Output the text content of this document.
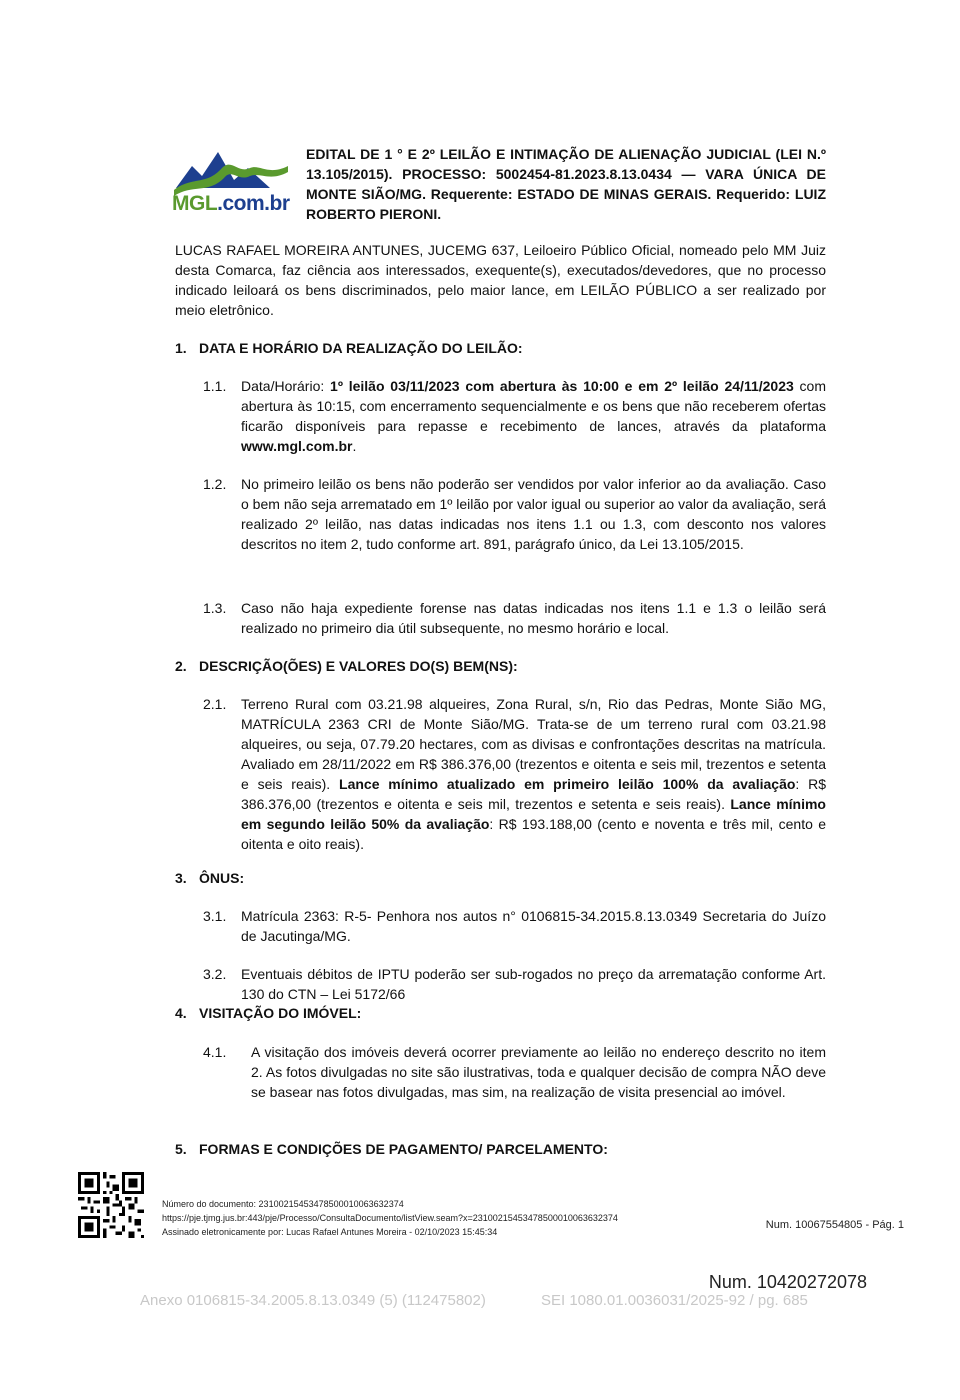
MGL.com.br
EDITAL DE 1 ° E 2º LEILÃO E INTIMAÇÃO DE ALIENAÇÃO JUDICIAL (LEI N.º 13.105/2015). PROCESSO: 5002454-81.2023.8.13.0434 — VARA ÚNICA DE MONTE SIÃO/MG. Requerente: ESTADO DE MINAS GERAIS. Requerido: LUIZ ROBERTO PIERONI.
LUCAS RAFAEL MOREIRA ANTUNES, JUCEMG 637, Leiloeiro Público Oficial, nomeado pelo MM Juiz desta Comarca, faz ciência aos interessados, exequente(s), executados/devedores, que no processo indicado leiloará os bens discriminados, pelo maior lance, em LEILÃO PÚBLICO a ser realizado por meio eletrônico.
1. DATA E HORÁRIO DA REALIZAÇÃO DO LEILÃO:
1.1. Data/Horário: 1º leilão 03/11/2023 com abertura às 10:00 e em 2º leilão 24/11/2023 com abertura às 10:15, com encerramento sequencialmente e os bens que não receberem ofertas ficarão disponíveis para repasse e recebimento de lances, através da plataforma www.mgl.com.br.
1.2. No primeiro leilão os bens não poderão ser vendidos por valor inferior ao da avaliação. Caso o bem não seja arrematado em 1º leilão por valor igual ou superior ao valor da avaliação, será realizado 2º leilão, nas datas indicadas nos itens 1.1 ou 1.3, com desconto nos valores descritos no item 2, tudo conforme art. 891, parágrafo único, da Lei 13.105/2015.
1.3. Caso não haja expediente forense nas datas indicadas nos itens 1.1 e 1.3 o leilão será realizado no primeiro dia útil subsequente, no mesmo horário e local.
2. DESCRIÇÃO(ÕES) E VALORES DO(S) BEM(NS):
2.1. Terreno Rural com 03.21.98 alqueires, Zona Rural, s/n, Rio das Pedras, Monte Sião MG, MATRÍCULA 2363 CRI de Monte Sião/MG. Trata-se de um terreno rural com 03.21.98 alqueires, ou seja, 07.79.20 hectares, com as divisas e confrontações descritas na matrícula. Avaliado em 28/11/2022 em R$ 386.376,00 (trezentos e oitenta e seis mil, trezentos e setenta e seis reais). Lance mínimo atualizado em primeiro leilão 100% da avaliação: R$ 386.376,00 (trezentos e oitenta e seis mil, trezentos e setenta e seis reais). Lance mínimo em segundo leilão 50% da avaliação: R$ 193.188,00 (cento e noventa e três mil, cento e oitenta e oito reais).
3. ÔNUS:
3.1. Matrícula 2363: R-5- Penhora nos autos n° 0106815-34.2015.8.13.0349 Secretaria do Juízo de Jacutinga/MG.
3.2. Eventuais débitos de IPTU poderão ser sub-rogados no preço da arrematação conforme Art. 130 do CTN – Lei 5172/66
4. VISITAÇÃO DO IMÓVEL:
4.1. A visitação dos imóveis deverá ocorrer previamente ao leilão no endereço descrito no item 2. As fotos divulgadas no site são ilustrativas, toda e qualquer decisão de compra NÃO deve se basear nas fotos divulgadas, mas sim, na realização de visita presencial ao imóvel.
5. FORMAS E CONDIÇÕES DE PAGAMENTO/ PARCELAMENTO:
Número do documento: 23100215453478500010063632374
https://pje.tjmg.jus.br:443/pje/Processo/ConsultaDocumento/listView.seam?x=23100215453478500010063632374
Assinado eletronicamente por: Lucas Rafael Antunes Moreira - 02/10/2023 15:45:34
Num. 10067554805 - Pág. 1
Num. 10420272078
Anexo 0106815-34.2005.8.13.0349 (5) (112475802)	SEI 1080.01.0036031/2025-92 / pg. 685
